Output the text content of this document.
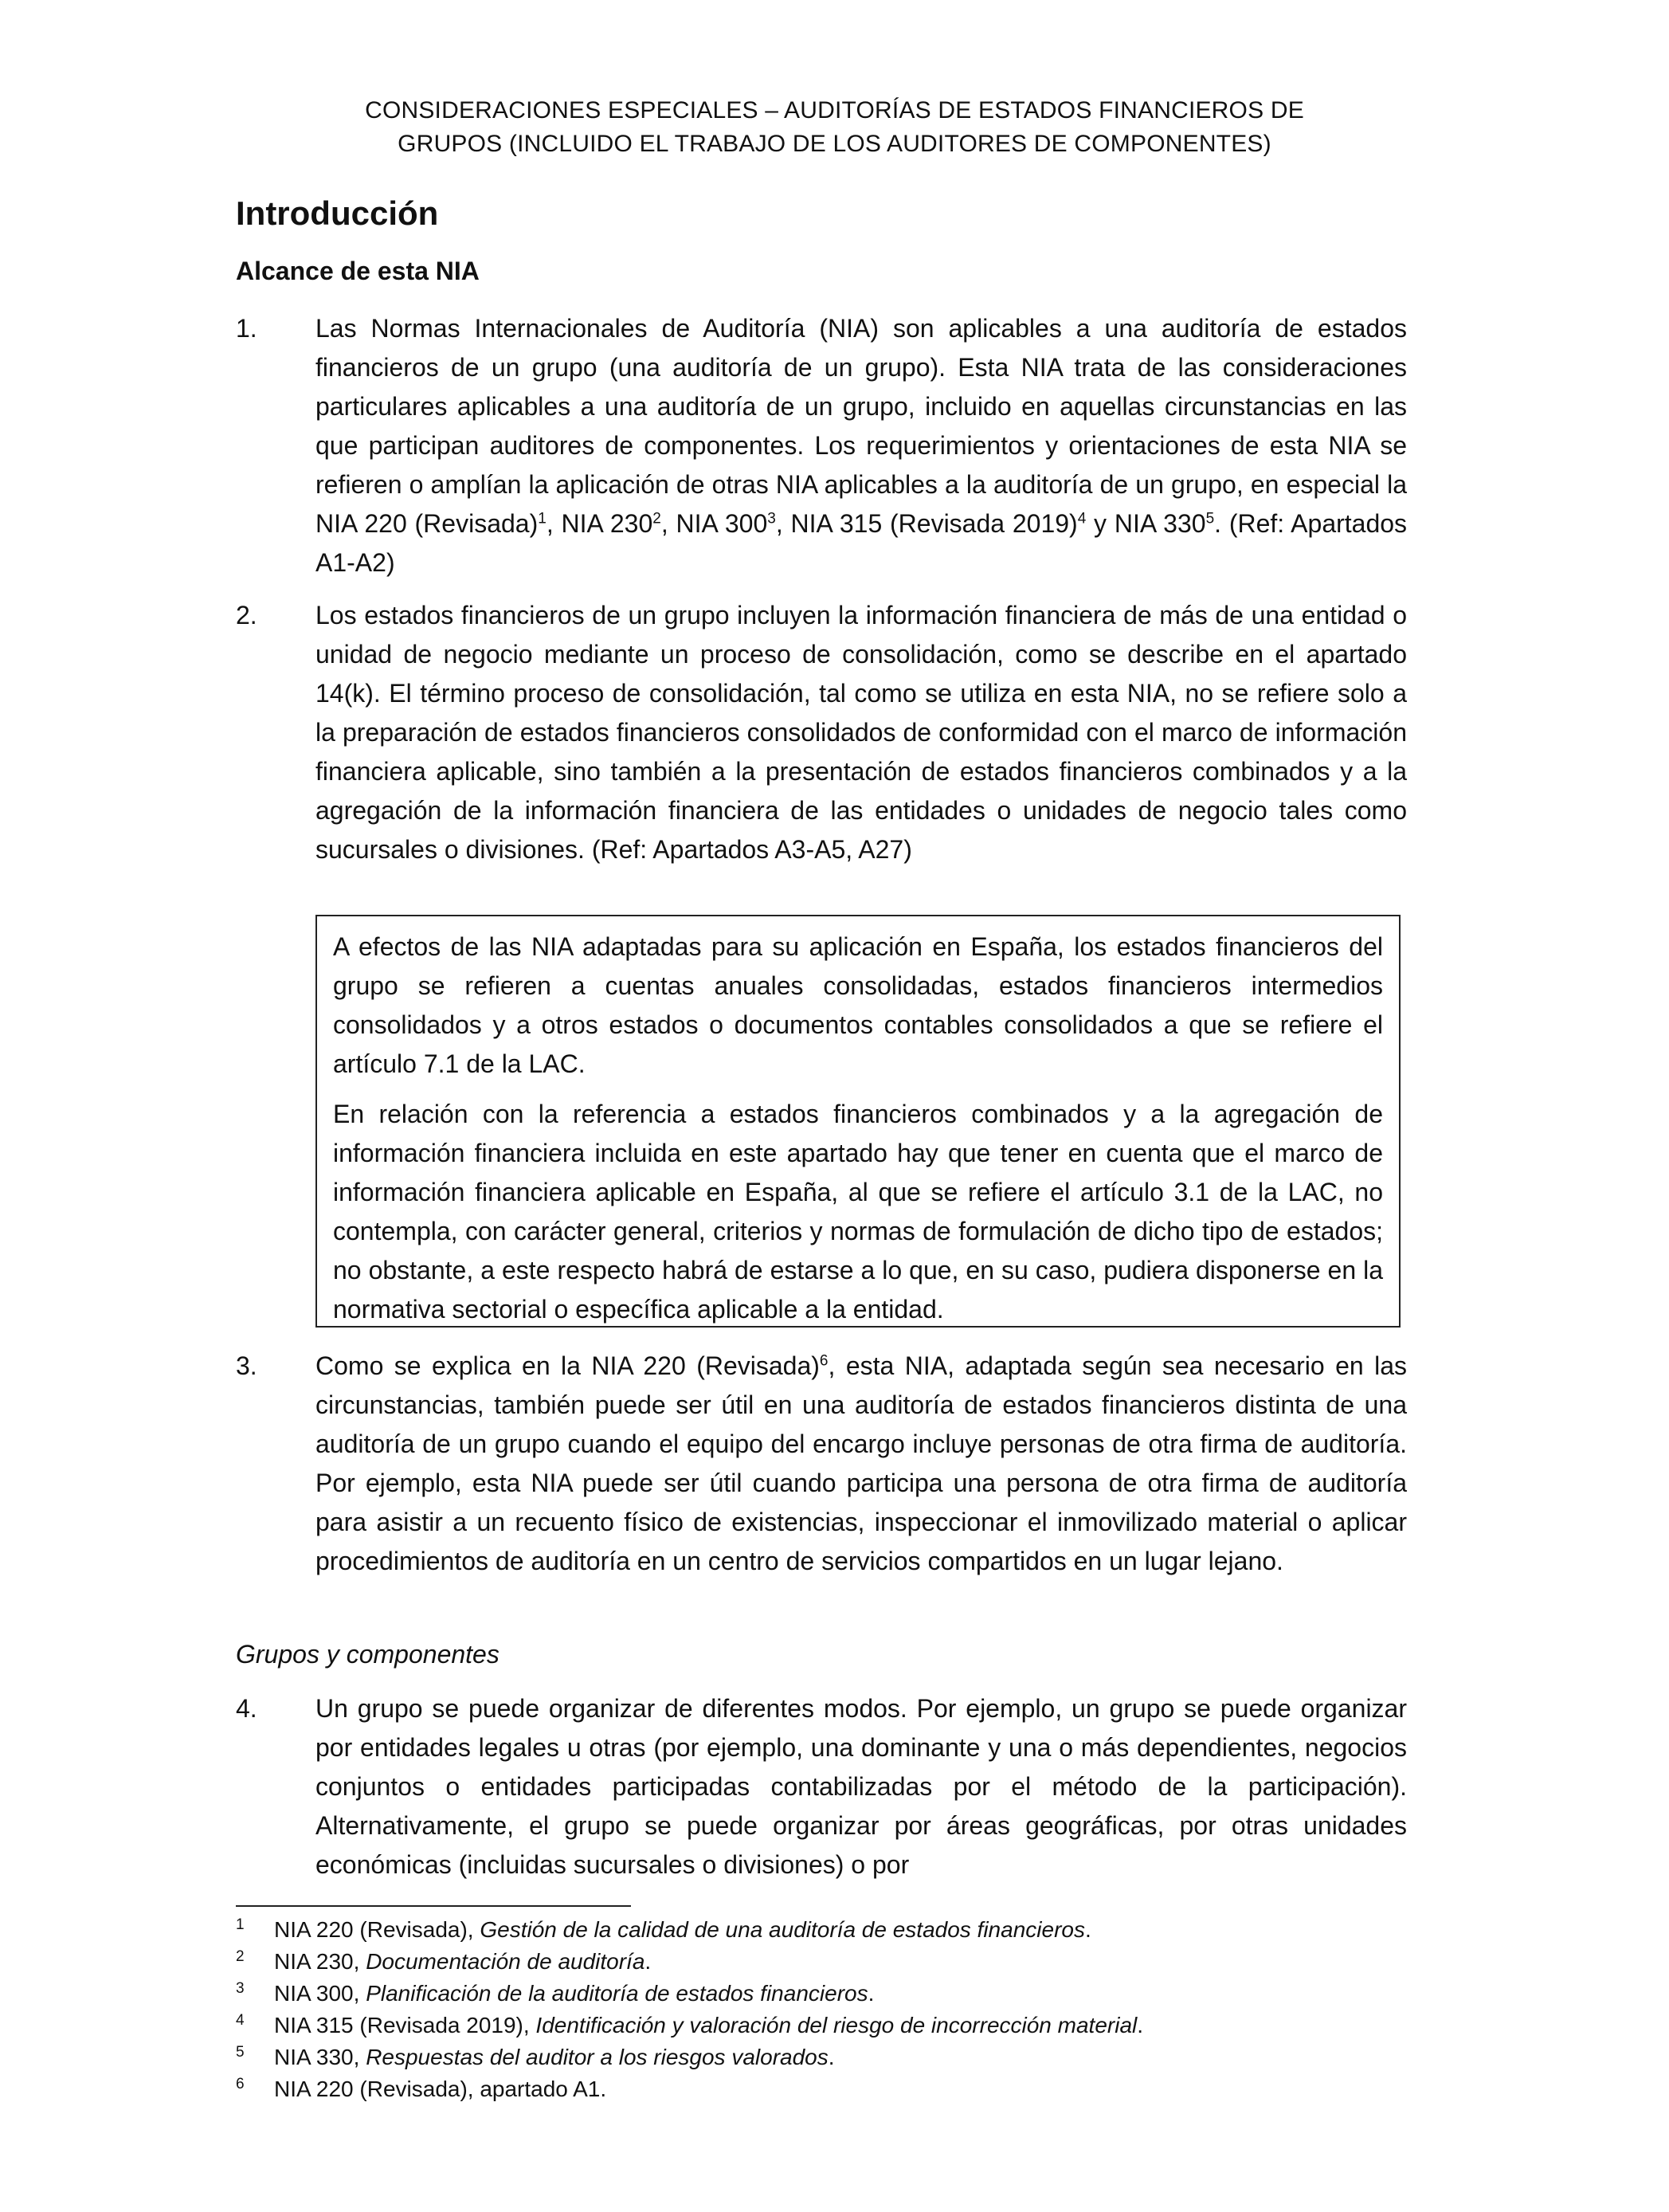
CONSIDERACIONES ESPECIALES – AUDITORÍAS DE ESTADOS FINANCIEROS DE
GRUPOS (INCLUIDO EL TRABAJO DE LOS AUDITORES DE COMPONENTES)
Introducción
Alcance de esta NIA
1. Las Normas Internacionales de Auditoría (NIA) son aplicables a una auditoría de estados financieros de un grupo (una auditoría de un grupo). Esta NIA trata de las consideraciones particulares aplicables a una auditoría de un grupo, incluido en aquellas circunstancias en las que participan auditores de componentes. Los requerimientos y orientaciones de esta NIA se refieren o amplían la aplicación de otras NIA aplicables a la auditoría de un grupo, en especial la NIA 220 (Revisada)$^1$, NIA $230^2$, NIA $300^3$, NIA 315 (Revisada 2019)$^4$ y NIA $330^5$. (Ref: Apartados A1-A2)
2. Los estados financieros de un grupo incluyen la información financiera de más de una entidad o unidad de negocio mediante un proceso de consolidación, como se describe en el apartado 14(k). El término proceso de consolidación, tal como se utiliza en esta NIA, no se refiere solo a la preparación de estados financieros consolidados de conformidad con el marco de información financiera aplicable, sino también a la presentación de estados financieros combinados y a la agregación de la información financiera de las entidades o unidades de negocio tales como sucursales o divisiones. (Ref: Apartados A3-A5, A27)

A efectos de las NIA adaptadas para su aplicación en España, los estados financieros del grupo se refieren a cuentas anuales consolidadas, estados financieros intermedios consolidados y a otros estados o documentos contables consolidados a que se refiere el artículo 7.1 de la LAC.

En relación con la referencia a estados financieros combinados y a la agregación de información financiera incluida en este apartado hay que tener en cuenta que el marco de información financiera aplicable en España, al que se refiere el artículo 3.1 de la LAC, no contempla, con carácter general, criterios y normas de formulación de dicho tipo de estados; no obstante, a este respecto habrá de estarse a lo que, en su caso, pudiera disponerse en la normativa sectorial o específica aplicable a la entidad.

3. Como se explica en la NIA 220 (Revisada)$^6$, esta NIA, adaptada según sea necesario en las circunstancias, también puede ser útil en una auditoría de estados financieros distinta de una auditoría de un grupo cuando el equipo del encargo incluye personas de otra firma de auditoría. Por ejemplo, esta NIA puede ser útil cuando participa una persona de otra firma de auditoría para asistir a un recuento físico de existencias, inspeccionar el inmovilizado material o aplicar procedimientos de auditoría en un centro de servicios compartidos en un lugar lejano.
Grupos y componentes
4. Un grupo se puede organizar de diferentes modos. Por ejemplo, un grupo se puede organizar por entidades legales u otras (por ejemplo, una dominante y una o más dependientes, negocios conjuntos o entidades participadas contabilizadas por el método de la participación). Alternativamente, el grupo se puede organizar por áreas geográficas, por otras unidades económicas (incluidas sucursales o divisiones) o por
1 NIA 220 (Revisada), Gestión de la calidad de una auditoría de estados financieros.
2 NIA 230, Documentación de auditoría.
3 NIA 300, Planificación de la auditoría de estados financieros.
4 NIA 315 (Revisada 2019), Identificación y valoración del riesgo de incorrección material.
5 NIA 330, Respuestas del auditor a los riesgos valorados.
6 NIA 220 (Revisada), apartado A1.
